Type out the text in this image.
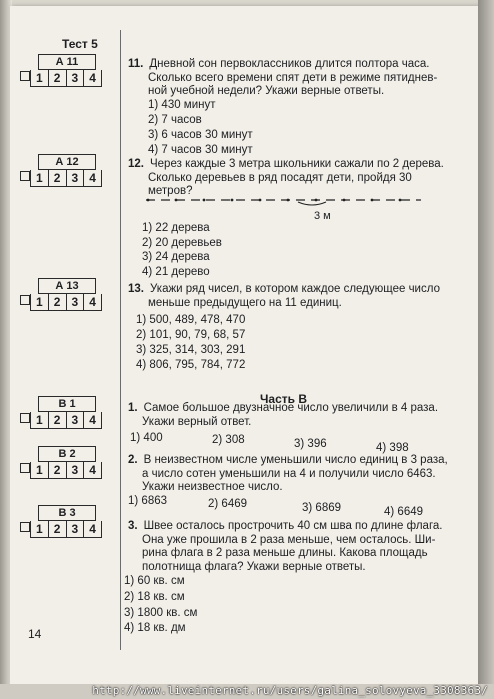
http://www.liveinternet.ru/users/galina_solovyeva_3308363/
Тест 5
А 11
1 2 3 4
А 12
1 2 3 4
А 13
1 2 3 4
В 1
1 2 3 4
В 2
1 2 3 4
В 3
1 2 3 4
11. Дневной сон первоклассников длится полтора часа.
Сколько всего времени спят дети в режиме пятиднев-
ной учебной недели? Укажи верные ответы.
1) 430 минут
2) 7 часов
3) 6 часов 30 минут
4) 7 часов 30 минут
12. Через каждые 3 метра школьники сажали по 2 дерева.
Сколько деревьев в ряд посадят дети, пройдя 30 метров?
3 м
1) 22 дерева
2) 20 деревьев
3) 24 дерева
4) 21 дерево
13. Укажи ряд чисел, в котором каждое следующее число
меньше предыдущего на 11 единиц.
1) 500, 489, 478, 470
2) 101, 90, 79, 68, 57
3) 325, 314, 303, 291
4) 806, 795, 784, 772
Часть В
1. Самое большое двузначное число увеличили в 4 раза.
Укажи верный ответ.
1) 400	2) 308	3) 396	4) 398
2. В неизвестном числе уменьшили число единиц в 3 раза,
а число сотен уменьшили на 4 и получили число 6463.
Укажи неизвестное число.
1) 6863	2) 6469	3) 6869	4) 6649
3. Швее осталось прострочить 40 см шва по длине флага.
Она уже прошила в 2 раза меньше, чем осталось. Ши-
рина флага в 2 раза меньше длины. Какова площадь
полотнища флага? Укажи верные ответы.
1) 60 кв. см
2) 18 кв. см
3) 1800 кв. см
4) 18 кв. дм
14
